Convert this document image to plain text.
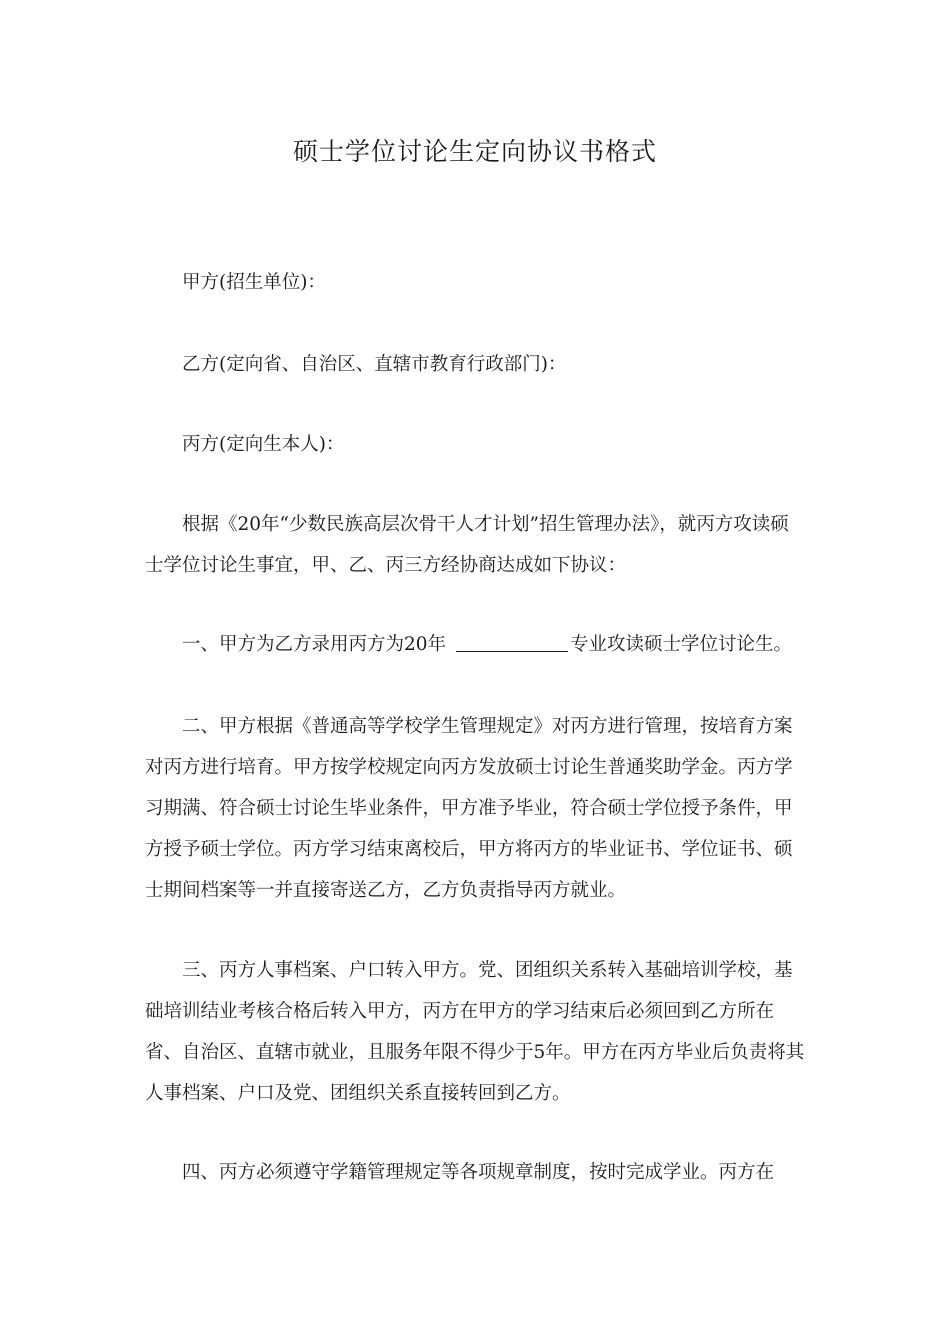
硕士学位讨论生定向协议书格式
甲方(招生单位)：
乙方(定向省、自治区、直辖市教育行政部门)：
丙方(定向生本人)：
根据《20年“少数民族高层次骨干人才计划”招生管理办法》，就丙方攻读硕士学位讨论生事宜，甲、乙、丙三方经协商达成如下协议：
一、甲方为乙方录用丙方为20年	专业攻读硕士学位讨论生。
二、甲方根据《普通高等学校学生管理规定》对丙方进行管理，按培育方案对丙方进行培育。甲方按学校规定向丙方发放硕士讨论生普通奖助学金。丙方学习期满、符合硕士讨论生毕业条件，甲方准予毕业，符合硕士学位授予条件，甲方授予硕士学位。丙方学习结束离校后，甲方将丙方的毕业证书、学位证书、硕士期间档案等一并直接寄送乙方，乙方负责指导丙方就业。
三、丙方人事档案、户口转入甲方。党、团组织关系转入基础培训学校，基础培训结业考核合格后转入甲方，丙方在甲方的学习结束后必须回到乙方所在省、自治区、直辖市就业，且服务年限不得少于5年。甲方在丙方毕业后负责将其人事档案、户口及党、团组织关系直接转回到乙方。
四、丙方必须遵守学籍管理规定等各项规章制度，按时完成学业。丙方在
